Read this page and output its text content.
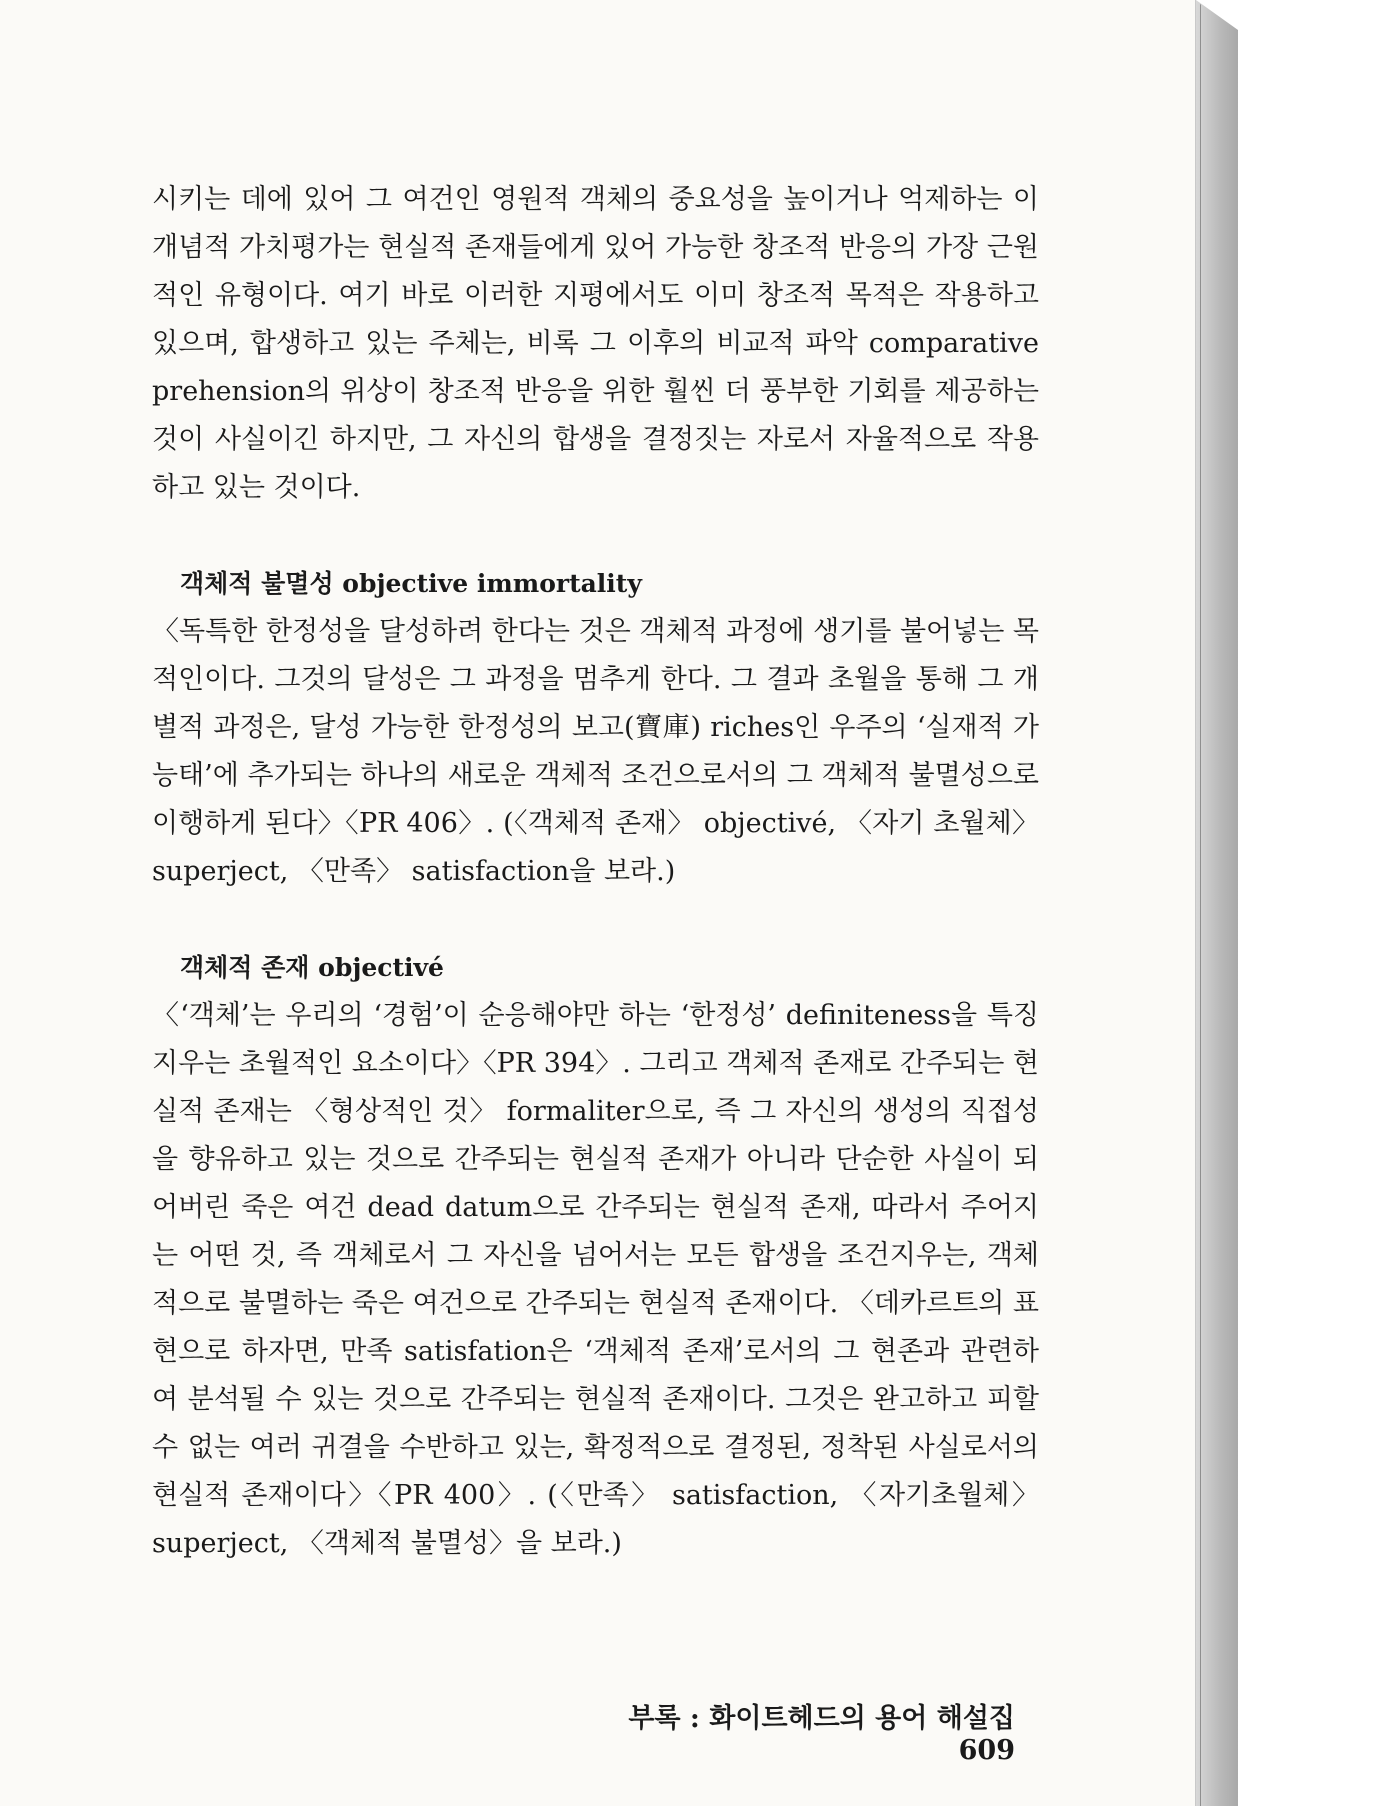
시키는 데에 있어 그 여건인 영원적 객체의 중요성을 높이거나 억제하는 이 개념적 가치평가는 현실적 존재들에게 있어 가능한 창조적 반응의 가장 근원적인 유형이다. 여기 바로 이러한 지평에서도 이미 창조적 목적은 작용하고 있으며, 합생하고 있는 주체는, 비록 그 이후의 비교적 파악 comparative prehension의 위상이 창조적 반응을 위한 훨씬 더 풍부한 기회를 제공하는 것이 사실이긴 하지만, 그 자신의 합생을 결정짓는 자로서 자율적으로 작용하고 있는 것이다.

객체적 불멸성 objective immortality

〈독특한 한정성을 달성하려 한다는 것은 객체적 과정에 생기를 불어넣는 목적인이다. 그것의 달성은 그 과정을 멈추게 한다. 그 결과 초월을 통해 그 개별적 과정은, 달성 가능한 한정성의 보고(寶庫) riches인 우주의 ‘실재적 가능태’에 추가되는 하나의 새로운 객체적 조건으로서의 그 객체적 불멸성으로 이행하게 된다〉〈PR 406〉. (〈객체적 존재〉 objectivé, 〈자기 초월체〉 superject, 〈만족〉 satisfaction을 보라.)

객체적 존재 objectivé

〈‘객체’는 우리의 ‘경험’이 순응해야만 하는 ‘한정성’ definiteness을 특징지우는 초월적인 요소이다〉〈PR 394〉. 그리고 객체적 존재로 간주되는 현실적 존재는 〈형상적인 것〉 formaliter으로, 즉 그 자신의 생성의 직접성을 향유하고 있는 것으로 간주되는 현실적 존재가 아니라 단순한 사실이 되어버린 죽은 여건 dead datum으로 간주되는 현실적 존재, 따라서 주어지는 어떤 것, 즉 객체로서 그 자신을 넘어서는 모든 합생을 조건지우는, 객체적으로 불멸하는 죽은 여건으로 간주되는 현실적 존재이다. 〈데카르트의 표현으로 하자면, 만족 satisfation은 ‘객체적 존재’로서의 그 현존과 관련하여 분석될 수 있는 것으로 간주되는 현실적 존재이다. 그것은 완고하고 피할 수 없는 여러 귀결을 수반하고 있는, 확정적으로 결정된, 정착된 사실로서의 현실적 존재이다〉〈PR 400〉. (〈만족〉 satisfaction, 〈자기초월체〉 superject, 〈객체적 불멸성〉을 보라.)

부록 : 화이트헤드의 용어 해설집 609
